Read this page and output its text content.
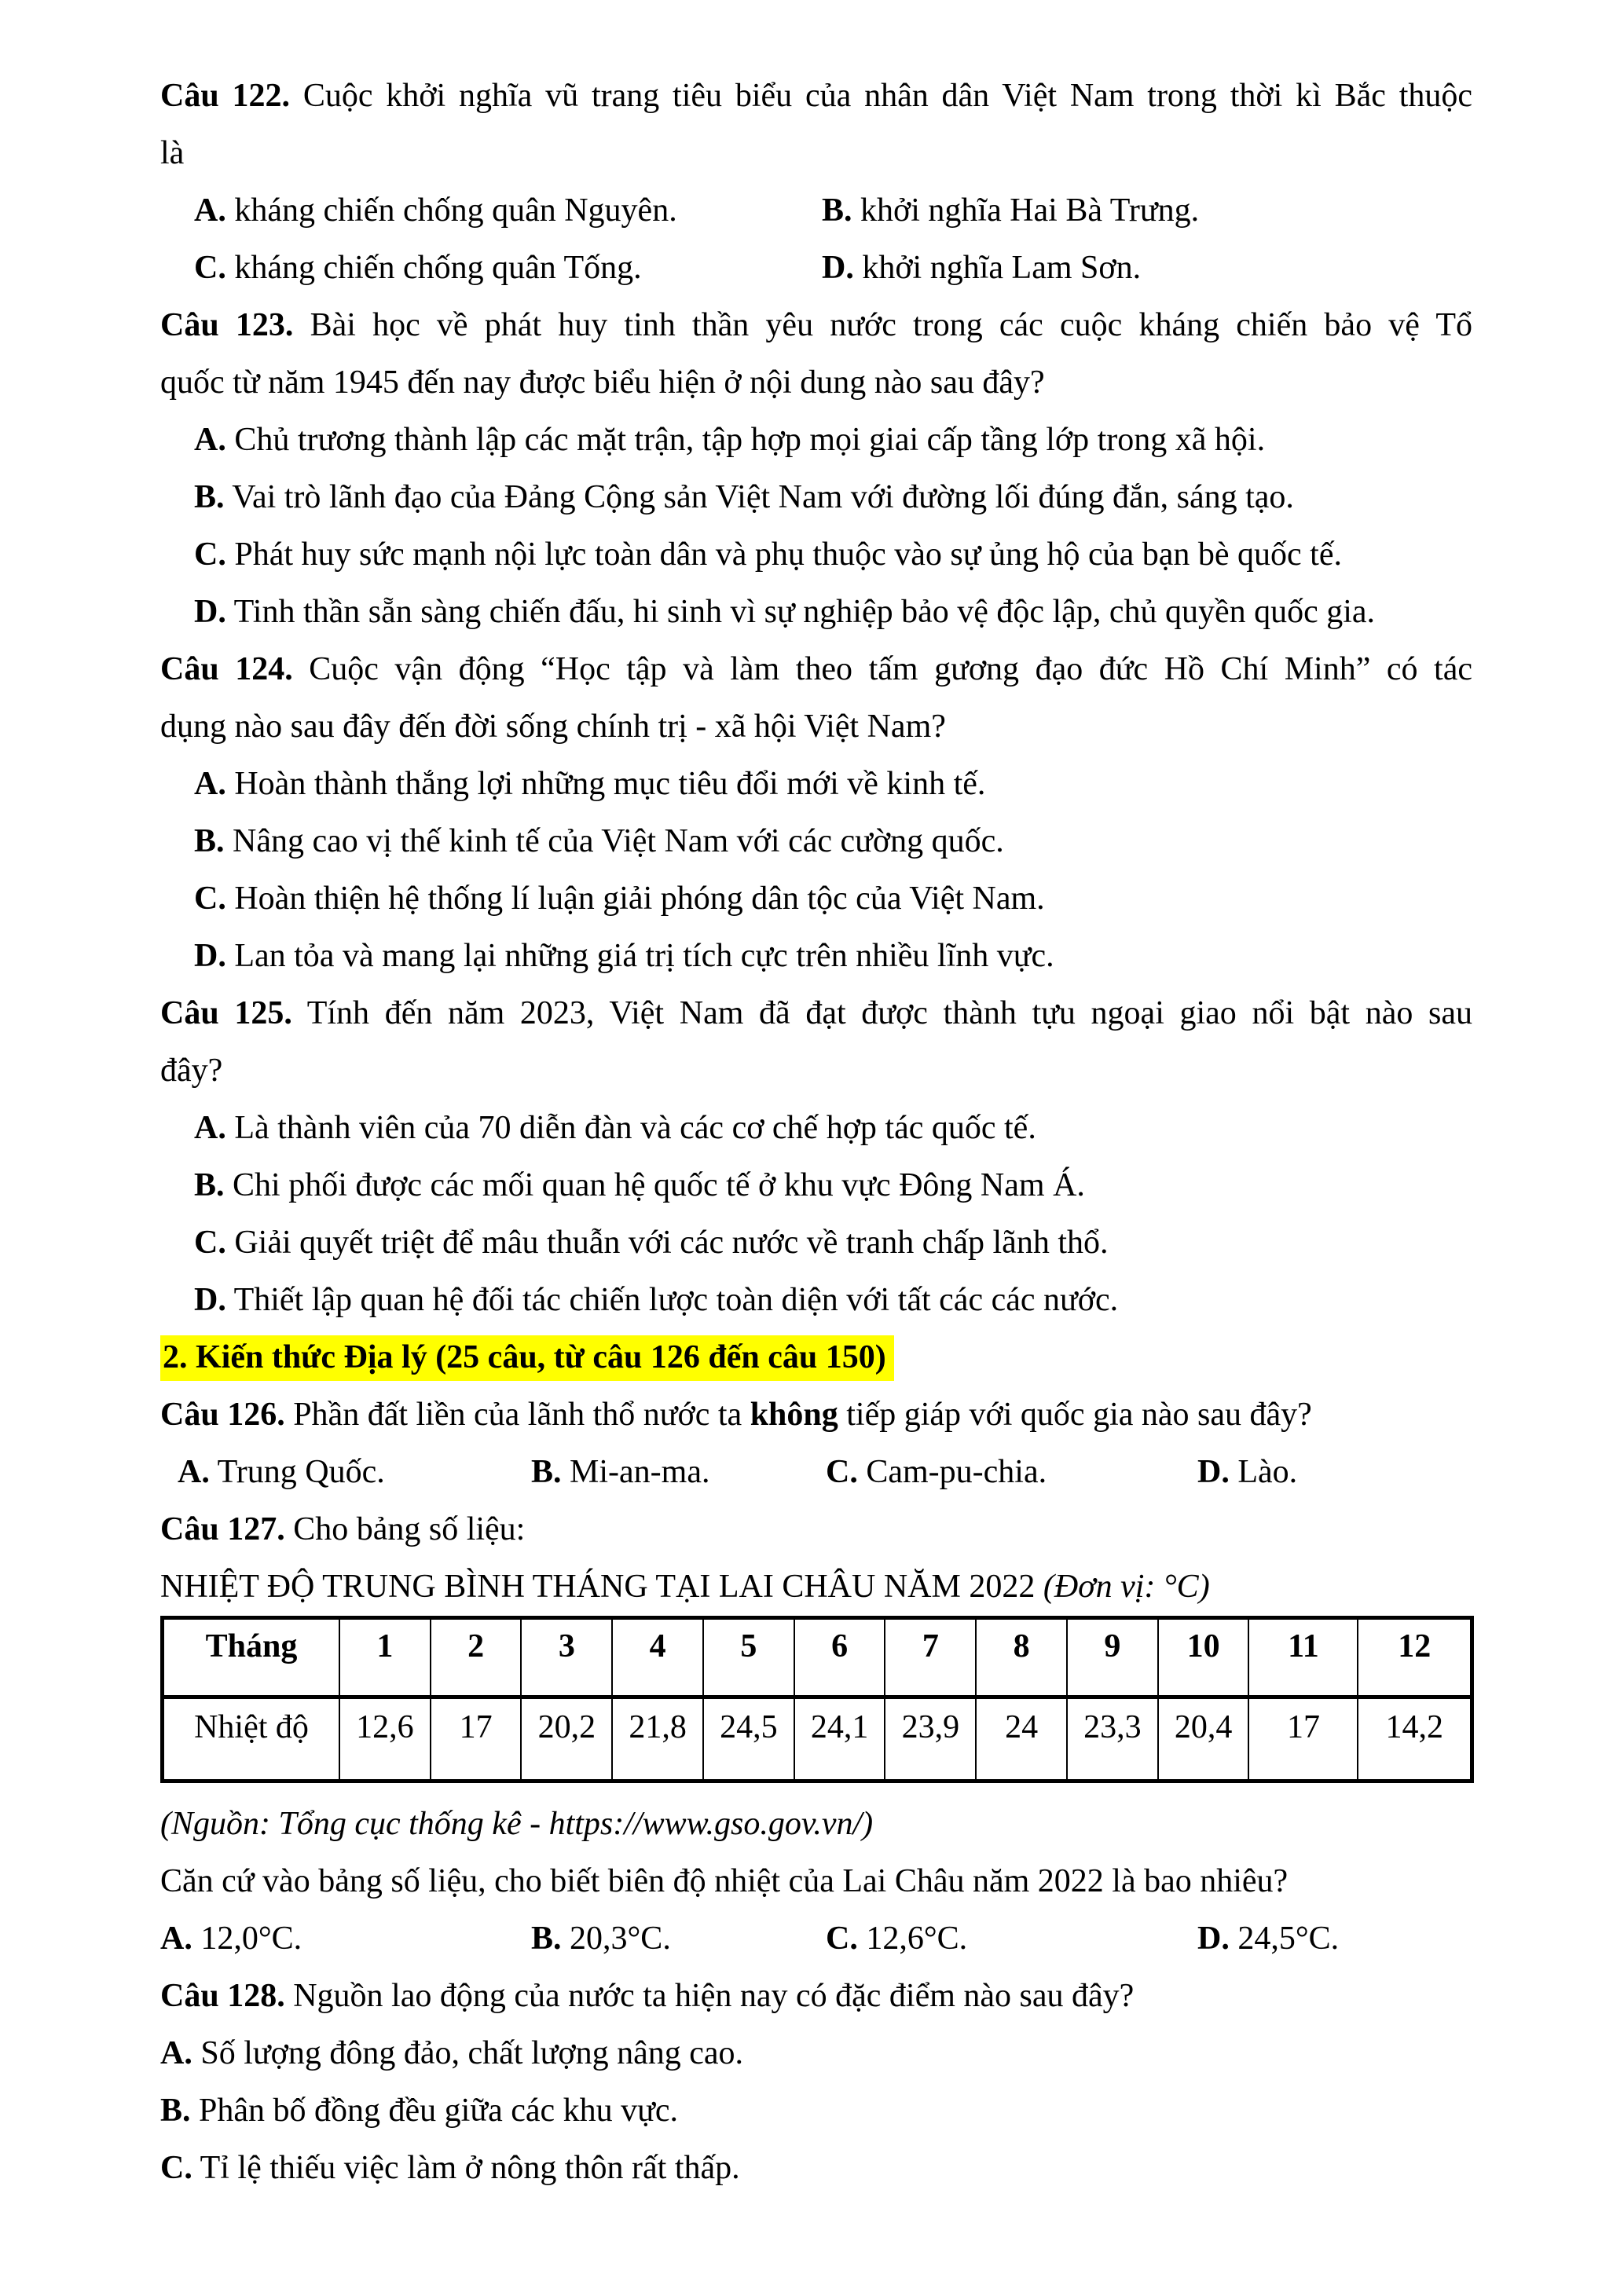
Câu 122. Cuộc khởi nghĩa vũ trang tiêu biểu của nhân dân Việt Nam trong thời kì Bắc thuộc
là
A. kháng chiến chống quân Nguyên.	B. khởi nghĩa Hai Bà Trưng.
C. kháng chiến chống quân Tống.	D. khởi nghĩa Lam Sơn.
Câu 123. Bài học về phát huy tinh thần yêu nước trong các cuộc kháng chiến bảo vệ Tổ
quốc từ năm 1945 đến nay được biểu hiện ở nội dung nào sau đây?
A. Chủ trương thành lập các mặt trận, tập hợp mọi giai cấp tầng lớp trong xã hội.
B. Vai trò lãnh đạo của Đảng Cộng sản Việt Nam với đường lối đúng đắn, sáng tạo.
C. Phát huy sức mạnh nội lực toàn dân và phụ thuộc vào sự ủng hộ của bạn bè quốc tế.
D. Tinh thần sẵn sàng chiến đấu, hi sinh vì sự nghiệp bảo vệ độc lập, chủ quyền quốc gia.
Câu 124. Cuộc vận động “Học tập và làm theo tấm gương đạo đức Hồ Chí Minh” có tác
dụng nào sau đây đến đời sống chính trị - xã hội Việt Nam?
A. Hoàn thành thắng lợi những mục tiêu đổi mới về kinh tế.
B. Nâng cao vị thế kinh tế của Việt Nam với các cường quốc.
C. Hoàn thiện hệ thống lí luận giải phóng dân tộc của Việt Nam.
D. Lan tỏa và mang lại những giá trị tích cực trên nhiều lĩnh vực.
Câu 125. Tính đến năm 2023, Việt Nam đã đạt được thành tựu ngoại giao nổi bật nào sau
đây?
A. Là thành viên của 70 diễn đàn và các cơ chế hợp tác quốc tế.
B. Chi phối được các mối quan hệ quốc tế ở khu vực Đông Nam Á.
C. Giải quyết triệt để mâu thuẫn với các nước về tranh chấp lãnh thổ.
D. Thiết lập quan hệ đối tác chiến lược toàn diện với tất các các nước.
2. Kiến thức Địa lý (25 câu, từ câu 126 đến câu 150)
Câu 126. Phần đất liền của lãnh thổ nước ta không tiếp giáp với quốc gia nào sau đây?
A. Trung Quốc.	B. Mi-an-ma.	C. Cam-pu-chia.	D. Lào.
Câu 127. Cho bảng số liệu:
NHIỆT ĐỘ TRUNG BÌNH THÁNG TẠI LAI CHÂU NĂM 2022 (Đơn vị: °C)
Tháng	1	2	3	4	5	6	7	8	9	10	11	12
Nhiệt độ	12,6	17	20,2	21,8	24,5	24,1	23,9	24	23,3	20,4	17	14,2
(Nguồn: Tổng cục thống kê - https://www.gso.gov.vn/)
Căn cứ vào bảng số liệu, cho biết biên độ nhiệt của Lai Châu năm 2022 là bao nhiêu?
A. 12,0°C.	B. 20,3°C.	C. 12,6°C.	D. 24,5°C.
Câu 128. Nguồn lao động của nước ta hiện nay có đặc điểm nào sau đây?
A. Số lượng đông đảo, chất lượng nâng cao.
B. Phân bố đồng đều giữa các khu vực.
C. Tỉ lệ thiếu việc làm ở nông thôn rất thấp.
